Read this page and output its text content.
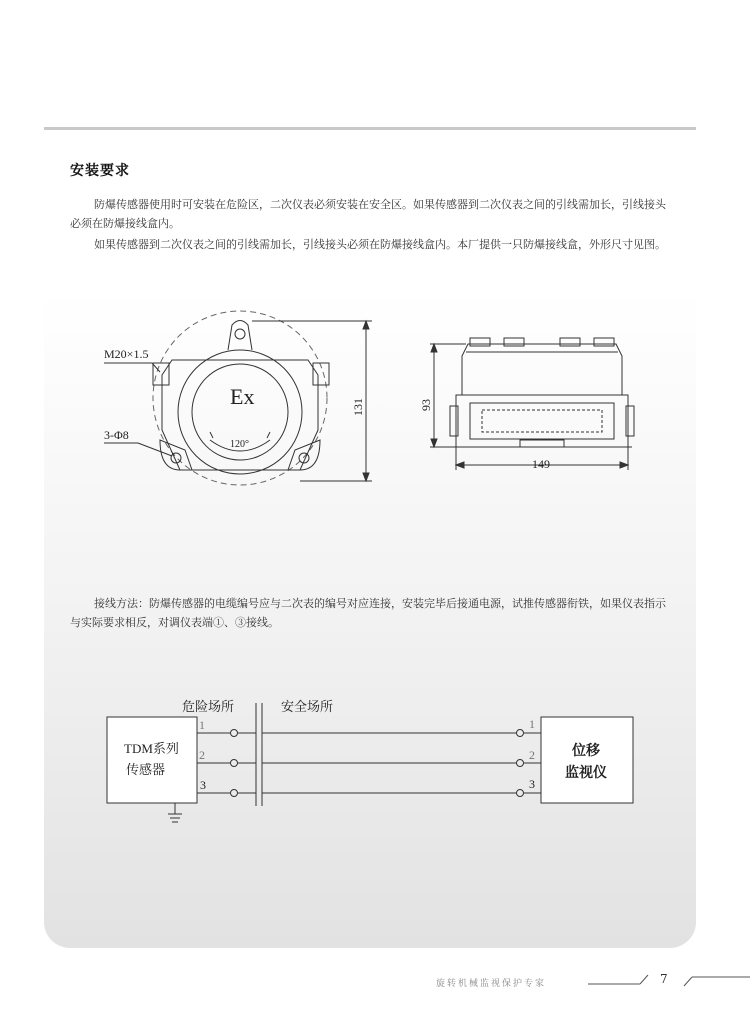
安装要求

防爆传感器使用时可安装在危险区，二次仪表必须安装在安全区。如果传感器到二次仪表之间的引线需加长，引线接头必须在防爆接线盒内。

如果传感器到二次仪表之间的引线需加长，引线接头必须在防爆接线盒内。本厂提供一只防爆接线盒，外形尺寸见图。

M20×1.5
3-Φ8
Ex
120°
131	93
149

接线方法：防爆传感器的电缆编号应与二次表的编号对应连接，安装完毕后接通电源，试推传感器衔铁，如果仪表指示与实际要求相反，对调仪表端①、③接线。

危险场所	安全场所
TDM系列
传感器
位移
监视仪
1
2
3
1
2
3
旋转机械监视保护专家	7
